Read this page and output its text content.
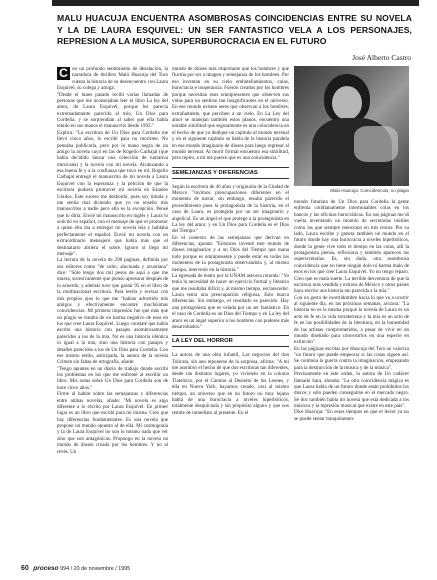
MALU HUACUJA ENCUENTRA ASOMBROSAS COINCIDENCIAS ENTRE SU NOVELA Y LA DE LAURA ESQUIVEL: UN SER FANTASTICO VELA A LOS PERSONAJES, REPRESION A LA MUSICA, SUPERBUROCRACIA EN EL FUTURO
José Alberto Castro

C on un profundo sentimiento de desolación, la narradora de thrillers Malú Huacuja del Toro cuenta la historia de su desencuentro con Laura Esquivel, su colega y amiga:

"Desde el lunes pasado recibí varias llamadas de personas que me aconsejaban leer el libro La ley del amor, de Laura Esquivel, porque les parecía extremadamente parecido al mío, Un Dios para Cordelia, y se sorprendían al saber que ella había tenido en sus manos el manuscrito desde 1993."

Explica: "La escritura de Un Dios para Cordelia me llevó cinco años, lo escribí para no morirme. No pensaba publicarla, pero por la mano negra de un amigo la novela cayó en las de Rogelio Carbajal (que había decidido lanzar una colección de narrativa mexicana) y la novela con mi novela. Alcanzando a esa buena fe y a la confianza que tuvo en mí, Rogelio Carbajal entregó el manuscrito de mi novela a Laura Esquivel con la esperanza y la petición de que la escritora pudiera promover mi novela en Estados Unidos. Este suceso me desbordó, pues soy tímida y me sentía mal diciendo que yo no enseño mis manuscritos a nadie pero ella es la excepción. Pensé que lo diría. Envié mi manuscrito en inglés y Laura lo solicitó en español, con el mensaje de que el promotor a quien ella iba a entregar mi novela leía y hablaba perfectamente el español. Envié mi novela con un extraordinario mensajero que había más que el destinatario abriera el sobre. Ignoro si llegó mi mensaje".

La lectura de la novela de 298 páginas, definida por sus editores como "de culto, alucinada y acuariana" dice: "Sólo tengo dos mil pesos de aquí a que me muera, sucesivamente que pienso apresurar después de lo acuerdo, y además tuve que gastar 95 en el libro de la multinacional escritora. Para leerla y revisar con mis propios ojos lo que me "habían advertido mis amigos y efectivamente encontré muchísimas coincidencias. Mi primera impresión fue que más que un plagio se trataba de un karma negativo de esos en los que cree Laura Esquivel. Luego constaté que había escrito una historia con pasajes asombrosamente parecidos a los de la mía. No es una historia idéntica ni igual a la mía, sino una historia con pasajes y detalles parecidos a los de Un Dios para Cordelia. Con ese mismo estilo, anticipada, la autora de la novela Crimen sin faltas de ortografía, añade:

"Tengo apuntes en un diario de trabajo donde escribí los problemas en los que me enfrenté al escribir un libro. Mis notas sobre Un Dios para Cordelia son de hace cinco años."

Firme al hablar sobre las semejanzas y diferencias entre ambas novelas, añade: "Mi novela es algo diferente a lo escrito por Laura Esquivel. En primer lugar es un libro que escribí para mí misma. Creo que hay diferencias fundamentales. Es una novela que propone un mundo opuesto al de ella. Mi cosmogonía y la de Laura Esquivel no son lo mismo nada que ver sino que son antagónicas. Propongo en la novela un mundo de dioses creado por los hombres. Y no al revés. Un

mundo de dioses más importante que los hombres y que fluctúa por ser a imagen y semejanza de los hombres. Por eso inventan en su cielo embotellamientos, colas, burocracia e inoperancia. Fueron creados por los hombres porque necesitan esos omnipresentes que observen sus vidas para no sentirse tan insignificantes en el universo. En ese mundo existen seres que observan a los hombres, extrañamente, que perciben a un cielo. En La Ley del amor se manejan también estos planos, encuentro una notable similitud que seguramente es una coincidencia en el hecho de que yo dedique un capítulo al mundo terrenal y en el siguiente capítulo se habla de la historia paralela en ese mundo imaginario de dioses para luego regresar al mundo terrenal. Al morir formal encuentro esa similitud, pero repito, a mí me parece que es una coincidencia."

SEMEJANZAS Y DIFERENCIAS

Según la escritora de 46 años y originaria de la Ciudad de México "tuvimos preocupaciones diferentes en el momento de narrar, sin embargo, resulta parecido el procedimiento pues la protagonista de la historia, en el caso de Laura, es protegida por un ser imaginario y angelical. Es un ángel el que protege a la protagonista en La ley del amor, y en Un Dios para Cordelia es el Dios del Tiempo."

En el contexto de las semejanzas que derivan en diferencias, apunta: "Entonces inventé este mundo de dioses imaginarios y a un Dios del Tiempo que mana todo porque es omnipresente y puede estar en todos los momentos de la protagonista observándola y, al mismo tiempo, intervenir en la historia."

La egresada de teatro por la UNAM asevera rotunda: "Yo tenía la necesidad de hacer un ejercicio formal y literario que me resultaba difícil y, al mismo tiempo, esclarecedor. Laura tenía una preocupación religiosa. Esto marca diferencias. Sin embargo, el resultado es parecido. Hay una protagonista que es velada por un ser fantástico. En el caso de Cordelia es un Dios del Tiempo y en La ley del amor es un ángel superior a los hombres con poderes más desarrollados."

LA LEY DEL HORROR

La autora de una obra infantil, Las negocios del don Tolicata, sin aun reponerse de la sorpresa, afirma: "A mí me asombró el hecho de que dos escritoras tan diferentes, desde tan distintos lugares, yo viviendo en la colonia Tlatelolco, por el Camino al Desierto de los Leones, y ella en Nueva York, hayamos creado, casi al mismo tiempo, un universo que en un futuro no muy lejano habla de una burocracia a niveles hiperbólicos, totalmente desquiciada y sin propósito alguno y que nos remite de inmediato al presente. En el

Malú Huacuja. Coincidencias, no plagio

mundo futurista de Un Dios para Cordelia la gente enfrenta cotidianamente interminables colas en los bancos y las oficinas burocráticas. En sus páginas me di vuelta inventando un montón de secretarías inútiles como las que siempre menciono en mis textos. Por su lado, Laura escribe y genera también un mundo en el futuro donde hay una burocracia a niveles hiperbólicos, donde la gente vive todo el tiempo en las colas, allí la protagonista piensa, reflexiona y también aparecen las superscretarías. Es, sin duda, otra asombrosa coincidencia que no tiene ningún dolo ni karma malo de esos en los que cree Laura Esquivel. Yo no tengo reparo. Creo que es mala suerte. La terrible desventura de que la escritora más vendida y exitosa de México y otros países haya escrito una historia tan parecida a la mía."

Con un gesto de incertidumbre hacia lo que va a ocurrir al siguiente día, en las próximas semanas, avizora: "La historia no es la misma porque la novela de Laura es un acto de fe en la vida extraterrena y la mía es un acto de fe en las posibilidades de la literatura, en la honestidad de las artistas comprometidos, a pesar de vivir en un mundo diseñado para convertirlos en una especie en extinción".

En las páginas escritas por Huacuja del Toro se valoriza "un futuro que puede empeorar si las cosas siguen así. Se continúa la guerra contra la imaginación, empezando para la destrucción de la música y de la música".

Precisamente en este orden, la autora de Un cadáver llamado Sara, ahonda: "La otra coincidencia mágica es que Laura habla de un futuro donde están prohibidos los discos y sólo pueden conseguirse en el mercado negro. Se doc también habla mi novela que está dedicada a los músicos y la represión musical que existe en este país".

Dice Huacuja: "En estos tiempos en que el lector ya no se puede sentar tranquilamen-

60 proceso 994 / 20 de noviembre / 1995
